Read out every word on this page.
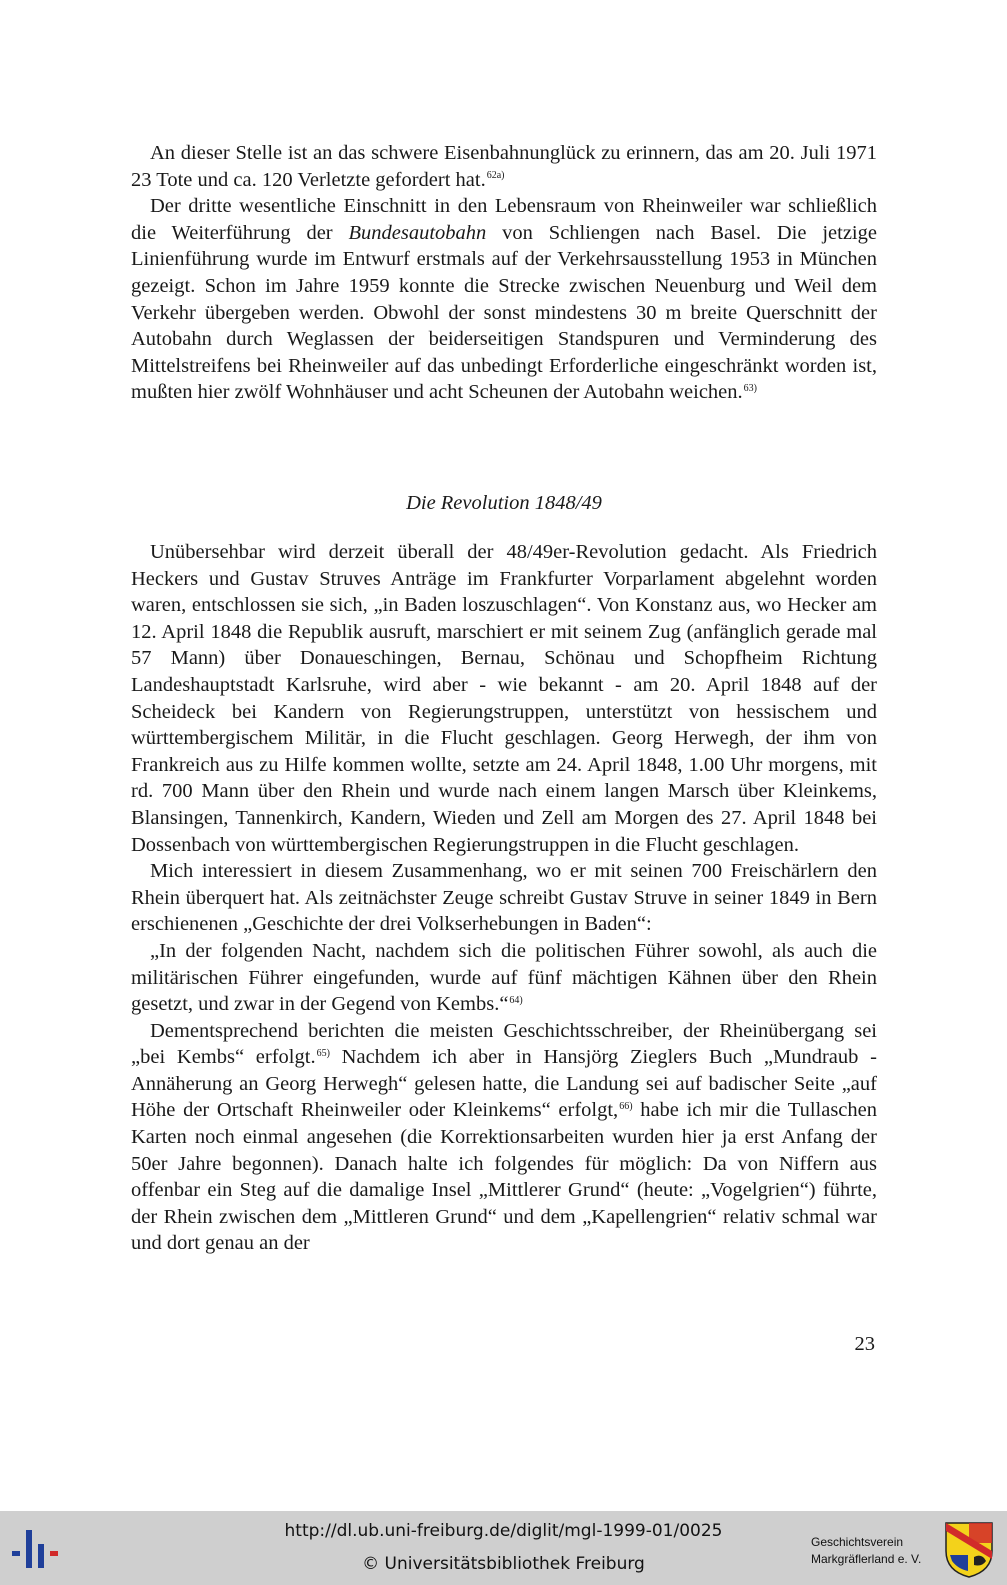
An dieser Stelle ist an das schwere Eisenbahnunglück zu erinnern, das am 20. Juli 1971 23 Tote und ca. 120 Verletzte gefordert hat.$^{62a)}$

Der dritte wesentliche Einschnitt in den Lebensraum von Rheinweiler war schließlich die Weiterführung der Bundesautobahn von Schliengen nach Basel. Die jetzige Linienführung wurde im Entwurf erstmals auf der Verkehrsausstellung 1953 in München gezeigt. Schon im Jahre 1959 konnte die Strecke zwischen Neuenburg und Weil dem Verkehr übergeben werden. Obwohl der sonst mindestens 30 m breite Querschnitt der Autobahn durch Weglassen der beiderseitigen Standspuren und Verminderung des Mittelstreifens bei Rheinweiler auf das unbedingt Erforderliche eingeschränkt worden ist, mußten hier zwölf Wohnhäuser und acht Scheunen der Autobahn weichen.$^{63)}$

Die Revolution 1848/49

Unübersehbar wird derzeit überall der 48/49er-Revolution gedacht. Als Friedrich Heckers und Gustav Struves Anträge im Frankfurter Vorparlament abgelehnt worden waren, entschlossen sie sich, „in Baden loszuschlagen“. Von Konstanz aus, wo Hecker am 12. April 1848 die Republik ausruft, marschiert er mit seinem Zug (anfänglich gerade mal 57 Mann) über Donaueschingen, Bernau, Schönau und Schopfheim Richtung Landeshauptstadt Karlsruhe, wird aber - wie bekannt - am 20. April 1848 auf der Scheideck bei Kandern von Regierungstruppen, unterstützt von hessischem und württembergischem Militär, in die Flucht geschlagen. Georg Herwegh, der ihm von Frankreich aus zu Hilfe kommen wollte, setzte am 24. April 1848, 1.00 Uhr morgens, mit rd. 700 Mann über den Rhein und wurde nach einem langen Marsch über Kleinkems, Blansingen, Tannenkirch, Kandern, Wieden und Zell am Morgen des 27. April 1848 bei Dossenbach von württembergischen Regierungstruppen in die Flucht geschlagen.

Mich interessiert in diesem Zusammenhang, wo er mit seinen 700 Freischärlern den Rhein überquert hat. Als zeitnächster Zeuge schreibt Gustav Struve in seiner 1849 in Bern erschienenen „Geschichte der drei Volkserhebungen in Baden“:

„In der folgenden Nacht, nachdem sich die politischen Führer sowohl, als auch die militärischen Führer eingefunden, wurde auf fünf mächtigen Kähnen über den Rhein gesetzt, und zwar in der Gegend von Kembs.“$^{64)}$

Dementsprechend berichten die meisten Geschichtsschreiber, der Rheinübergang sei „bei Kembs“ erfolgt.$^{65)}$ Nachdem ich aber in Hansjörg Zieglers Buch „Mundraub - Annäherung an Georg Herwegh“ gelesen hatte, die Landung sei auf badischer Seite „auf Höhe der Ortschaft Rheinweiler oder Kleinkems“ erfolgt,$^{66)}$ habe ich mir die Tullaschen Karten noch einmal angesehen (die Korrektionsarbeiten wurden hier ja erst Anfang der 50er Jahre begonnen). Danach halte ich folgendes für möglich: Da von Niffern aus offenbar ein Steg auf die damalige Insel „Mittlerer Grund“ (heute: „Vogelgrien“) führte, der Rhein zwischen dem „Mittleren Grund“ und dem „Kapellengrien“ relativ schmal war und dort genau an der

23
http://dl.ub.uni-freiburg.de/diglit/mgl-1999-01/0025
© Universitätsbibliothek Freiburg
Geschichtsverein
Markgräflerland e. V.
